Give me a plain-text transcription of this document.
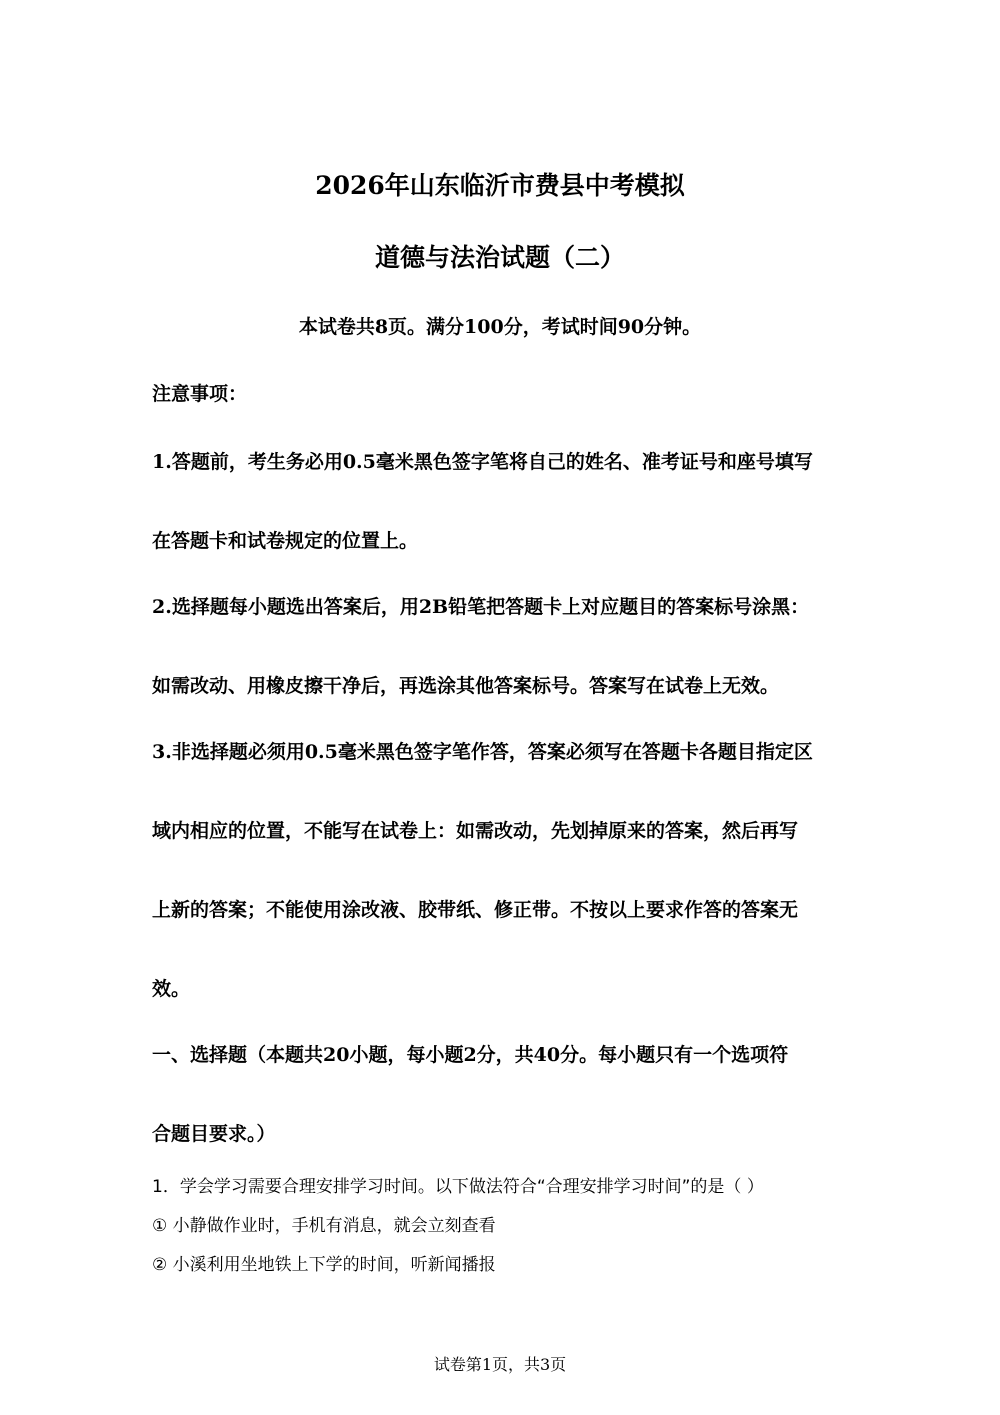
2026年山东临沂市费县中考模拟
道德与法治试题（二）
本试卷共8页。满分100分，考试时间90分钟。
注意事项：
1.答题前，考生务必用0.5毫米黑色签字笔将自己的姓名、准考证号和座号填写
在答题卡和试卷规定的位置上。
2.选择题每小题选出答案后，用2B铅笔把答题卡上对应题目的答案标号涂黑：
如需改动、用橡皮擦干净后，再选涂其他答案标号。答案写在试卷上无效。
3.非选择题必须用0.5毫米黑色签字笔作答，答案必须写在答题卡各题目指定区
域内相应的位置，不能写在试卷上：如需改动，先划掉原来的答案，然后再写
上新的答案；不能使用涂改液、胶带纸、修正带。不按以上要求作答的答案无
效。
一、选择题（本题共20小题，每小题2分，共40分。每小题只有一个选项符
合题目要求。）
1．学会学习需要合理安排学习时间。以下做法符合“合理安排学习时间”的是（ ）
① 小静做作业时，手机有消息，就会立刻查看
② 小溪利用坐地铁上下学的时间，听新闻播报
试卷第1页，共3页
